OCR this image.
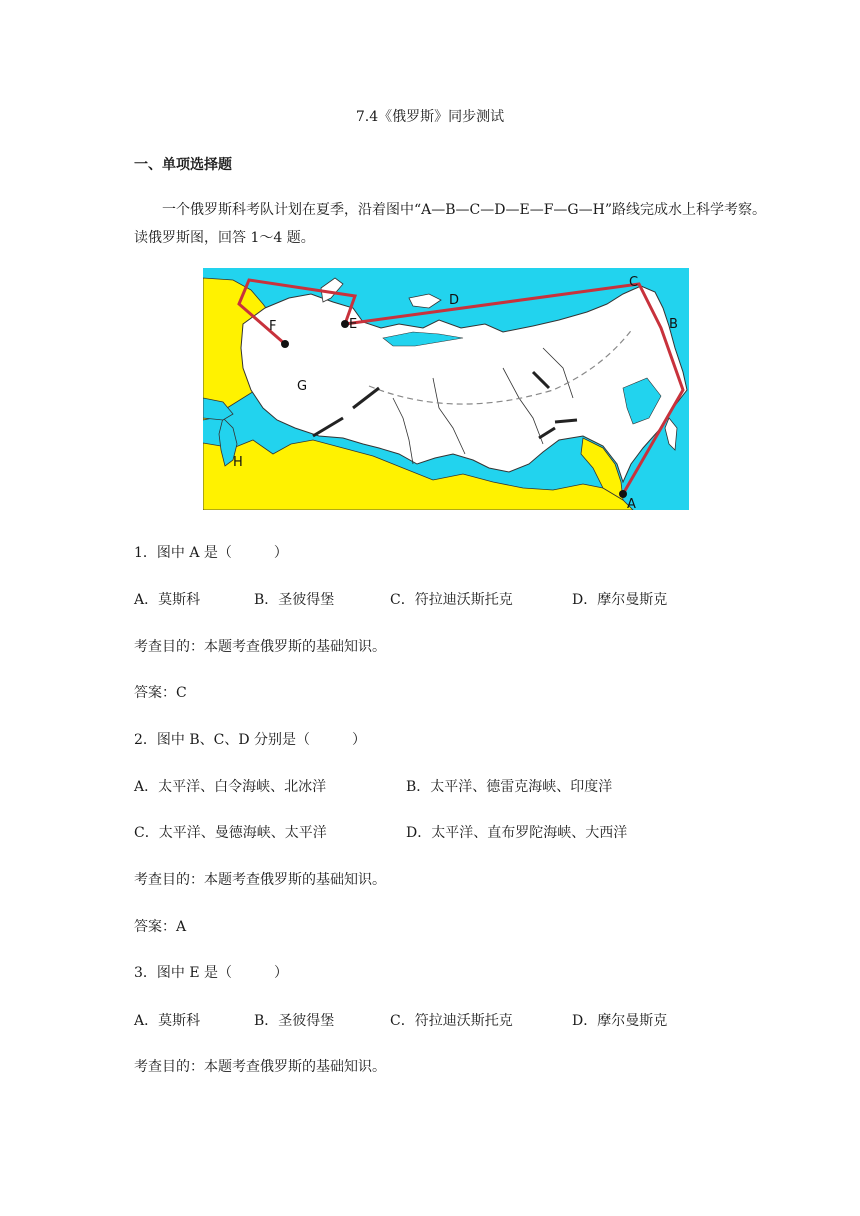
7.4《俄罗斯》同步测试
一、单项选择题
一个俄罗斯科考队计划在夏季，沿着图中“A—B—C—D—E—F—G—H”路线完成水上科学考察。
读俄罗斯图，回答 1～4 题。
A
B
C
D
E
F
G
H
1．图中 A 是（　　　）
A．莫斯科	B．圣彼得堡	C．符拉迪沃斯托克	D．摩尔曼斯克
考查目的：本题考查俄罗斯的基础知识。
答案：C
2．图中 B、C、D 分别是（　　　）
A．太平洋、白令海峡、北冰洋	B．太平洋、德雷克海峡、印度洋
C．太平洋、曼德海峡、太平洋	D．太平洋、直布罗陀海峡、大西洋
考查目的：本题考查俄罗斯的基础知识。
答案：A
3．图中 E 是（　　　）
A．莫斯科	B．圣彼得堡	C．符拉迪沃斯托克	D．摩尔曼斯克
考查目的：本题考查俄罗斯的基础知识。
